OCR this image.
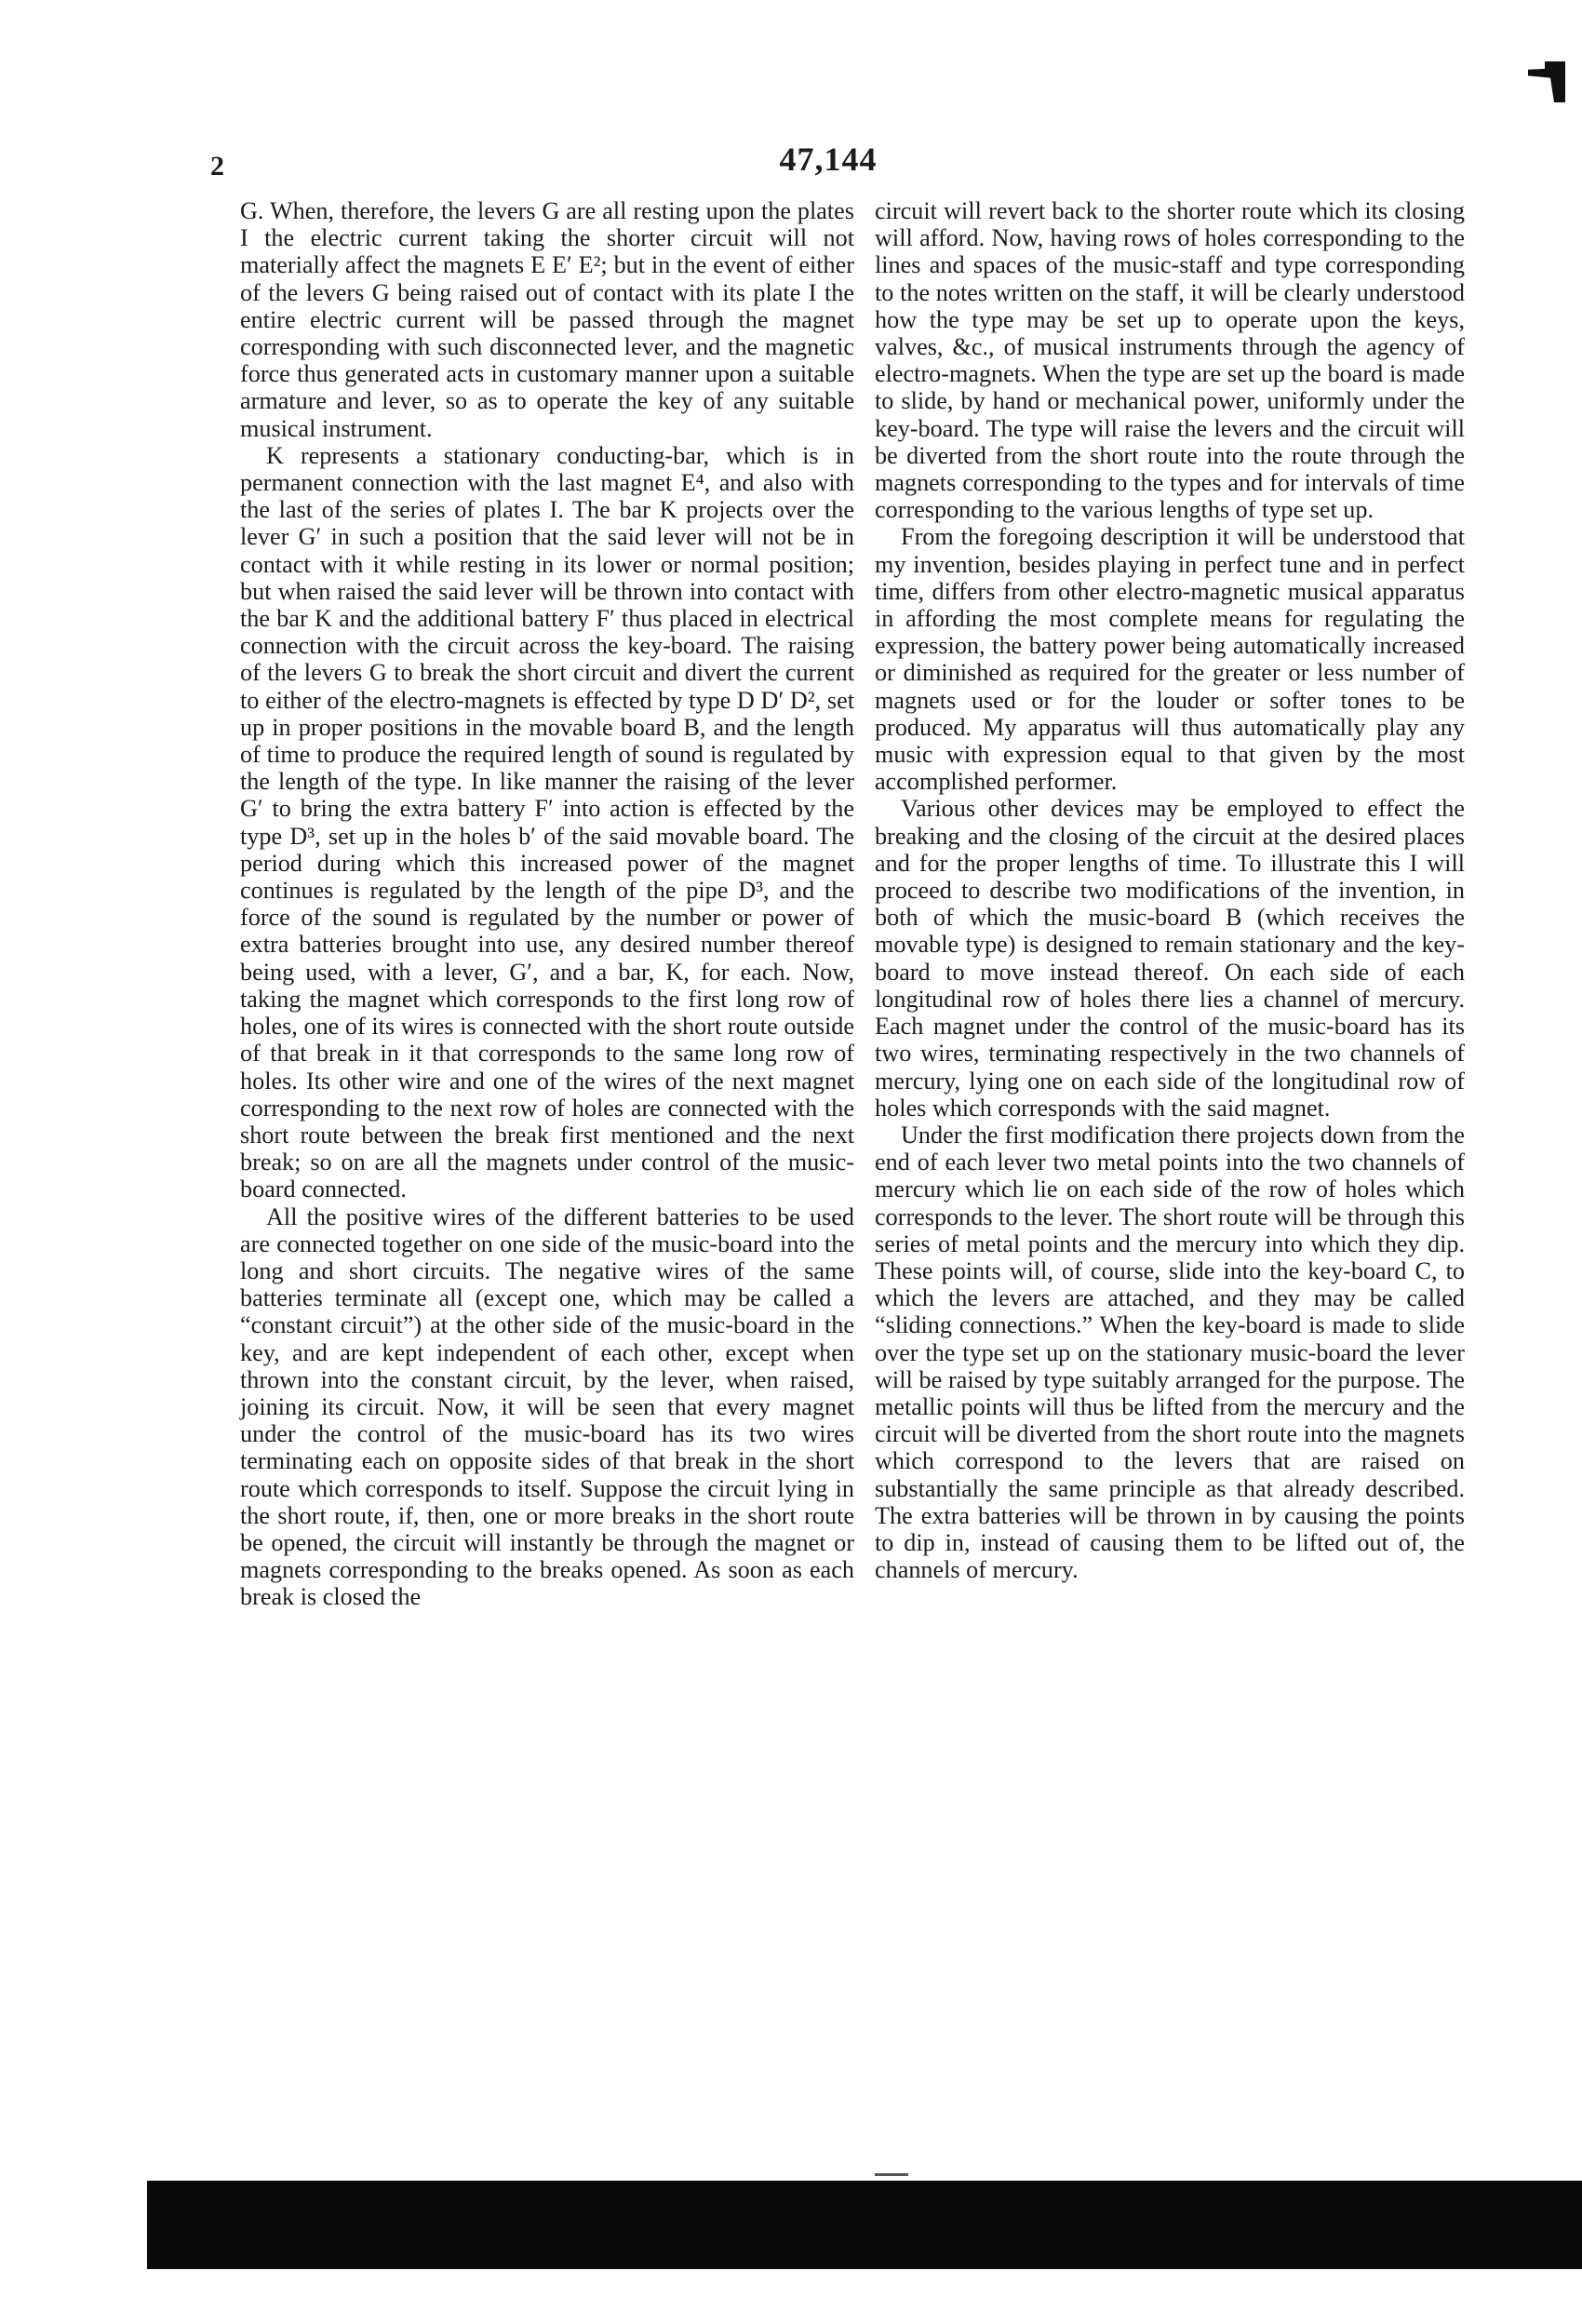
2	47,144

G. When, therefore, the levers G are all resting upon the plates I the electric current taking the shorter circuit will not materially affect the magnets E E′ E²; but in the event of either of the levers G being raised out of contact with its plate I the entire electric current will be passed through the magnet corresponding with such disconnected lever, and the magnetic force thus generated acts in customary manner upon a suitable armature and lever, so as to operate the key of any suitable musical instrument.

K represents a stationary conducting-bar, which is in permanent connection with the last magnet E⁴, and also with the last of the series of plates I. The bar K projects over the lever G′ in such a position that the said lever will not be in contact with it while resting in its lower or normal position; but when raised the said lever will be thrown into contact with the bar K and the additional battery F′ thus placed in electrical connection with the circuit across the key-board. The raising of the levers G to break the short circuit and divert the current to either of the electro-magnets is effected by type D D′ D², set up in proper positions in the movable board B, and the length of time to produce the required length of sound is regulated by the length of the type. In like manner the raising of the lever G′ to bring the extra battery F′ into action is effected by the type D³, set up in the holes b′ of the said movable board. The period during which this increased power of the magnet continues is regulated by the length of the pipe D³, and the force of the sound is regulated by the number or power of extra batteries brought into use, any desired number thereof being used, with a lever, G′, and a bar, K, for each. Now, taking the magnet which corresponds to the first long row of holes, one of its wires is connected with the short route outside of that break in it that corresponds to the same long row of holes. Its other wire and one of the wires of the next magnet corresponding to the next row of holes are connected with the short route between the break first mentioned and the next break; so on are all the magnets under control of the music-board connected.

All the positive wires of the different batteries to be used are connected together on one side of the music-board into the long and short circuits. The negative wires of the same batteries terminate all (except one, which may be called a “constant circuit”) at the other side of the music-board in the key, and are kept independent of each other, except when thrown into the constant circuit, by the lever, when raised, joining its circuit. Now, it will be seen that every magnet under the control of the music-board has its two wires terminating each on opposite sides of that break in the short route which corresponds to itself. Suppose the circuit lying in the short route, if, then, one or more breaks in the short route be opened, the circuit will instantly be through the magnet or magnets corresponding to the breaks opened. As soon as each break is closed the

circuit will revert back to the shorter route which its closing will afford. Now, having rows of holes corresponding to the lines and spaces of the music-staff and type corresponding to the notes written on the staff, it will be clearly understood how the type may be set up to operate upon the keys, valves, &c., of musical instruments through the agency of electro-magnets. When the type are set up the board is made to slide, by hand or mechanical power, uniformly under the key-board. The type will raise the levers and the circuit will be diverted from the short route into the route through the magnets corresponding to the types and for intervals of time corresponding to the various lengths of type set up.

From the foregoing description it will be understood that my invention, besides playing in perfect tune and in perfect time, differs from other electro-magnetic musical apparatus in affording the most complete means for regulating the expression, the battery power being automatically increased or diminished as required for the greater or less number of magnets used or for the louder or softer tones to be produced. My apparatus will thus automatically play any music with expression equal to that given by the most accomplished performer.

Various other devices may be employed to effect the breaking and the closing of the circuit at the desired places and for the proper lengths of time. To illustrate this I will proceed to describe two modifications of the invention, in both of which the music-board B (which receives the movable type) is designed to remain stationary and the key-board to move instead thereof. On each side of each longitudinal row of holes there lies a channel of mercury. Each magnet under the control of the music-board has its two wires, terminating respectively in the two channels of mercury, lying one on each side of the longitudinal row of holes which corresponds with the said magnet.

Under the first modification there projects down from the end of each lever two metal points into the two channels of mercury which lie on each side of the row of holes which corresponds to the lever. The short route will be through this series of metal points and the mercury into which they dip. These points will, of course, slide into the key-board C, to which the levers are attached, and they may be called “sliding connections.” When the key-board is made to slide over the type set up on the stationary music-board the lever will be raised by type suitably arranged for the purpose. The metallic points will thus be lifted from the mercury and the circuit will be diverted from the short route into the magnets which correspond to the levers that are raised on substantially the same principle as that already described. The extra batteries will be thrown in by causing the points to dip in, instead of causing them to be lifted out of, the channels of mercury.
